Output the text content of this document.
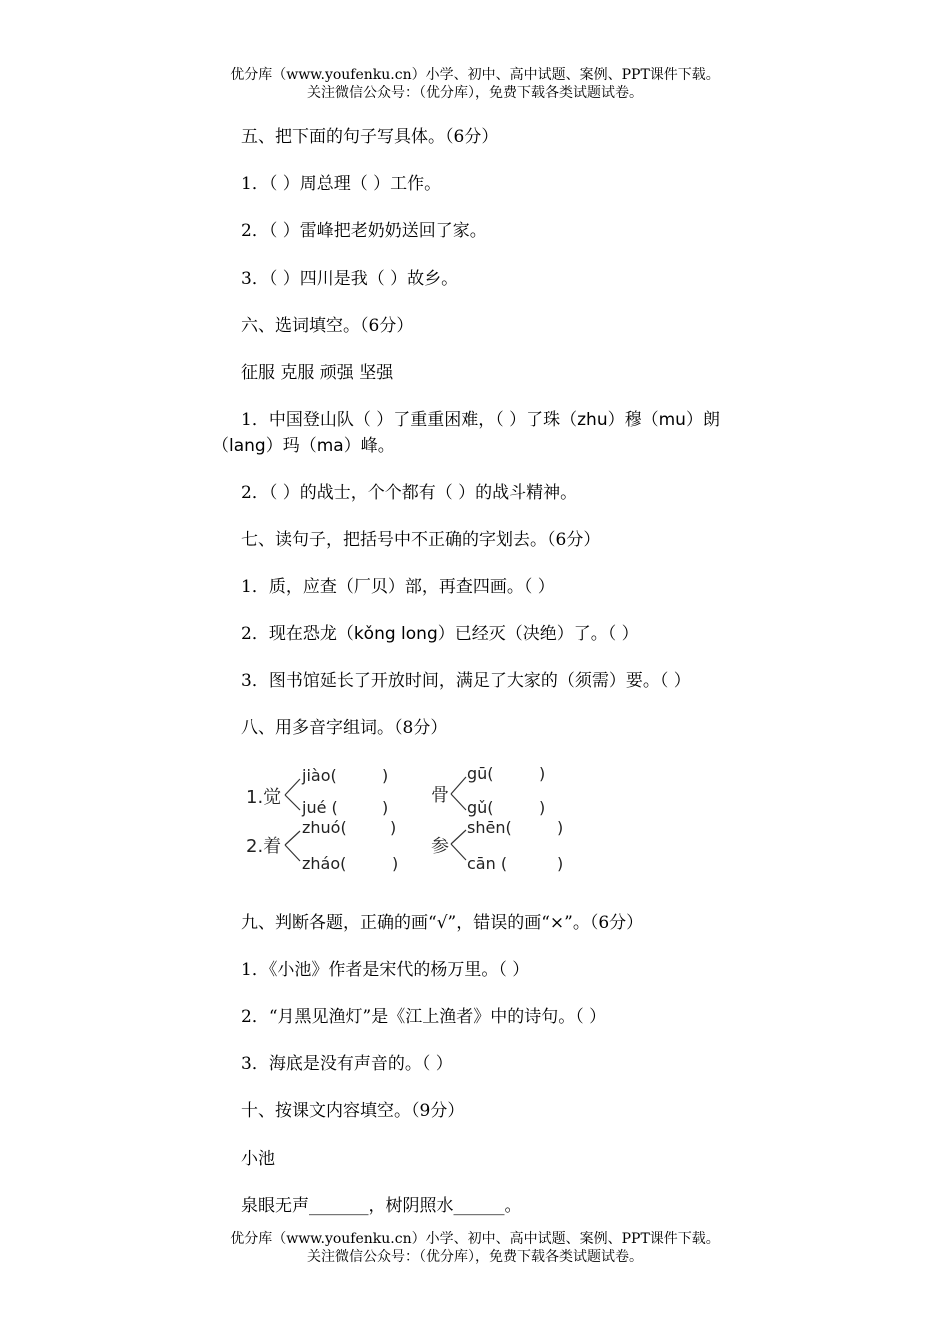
优分库（www.youfenku.cn）小学、初中、高中试题、案例、PPT课件下载。
关注微信公众号：（优分库），免费下载各类试题试卷。
五、把下面的句子写具体。（6分）
1．（ ）周总理（ ）工作。
2．（ ）雷峰把老奶奶送回了家。
3．（ ）四川是我（ ）故乡。
六、选词填空。（6分）
征服 克服 顽强 坚强
1．中国登山队（ ）了重重困难，（ ）了珠（zhu）穆（mu）朗
（lang）玛（ma）峰。
2．（ ）的战士，个个都有（ ）的战斗精神。
七、读句子，把括号中不正确的字划去。（6分）
1．质，应查（厂贝）部，再查四画。（ ）
2．现在恐龙（kǒng long）已经灭（决绝）了。（ ）
3．图书馆延长了开放时间，满足了大家的（须需）要。（ ）
八、用多音字组词。（8分）
1.觉
jiào(	)
jué (	)
骨
gū(	)
gǔ(	)
2.着
zhuó(	)
zháo(	)
参
shēn(	)
cān (	)
九、判断各题，正确的画“√”，错误的画“×”。（6分）
1．《小池》作者是宋代的杨万里。（ ）
2．“月黑见渔灯”是《江上渔者》中的诗句。（ ）
3．海底是没有声音的。（ ）
十、按课文内容填空。（9分）
小池
泉眼无声_______，树阴照水______。
优分库（www.youfenku.cn）小学、初中、高中试题、案例、PPT课件下载。
关注微信公众号：（优分库），免费下载各类试题试卷。
